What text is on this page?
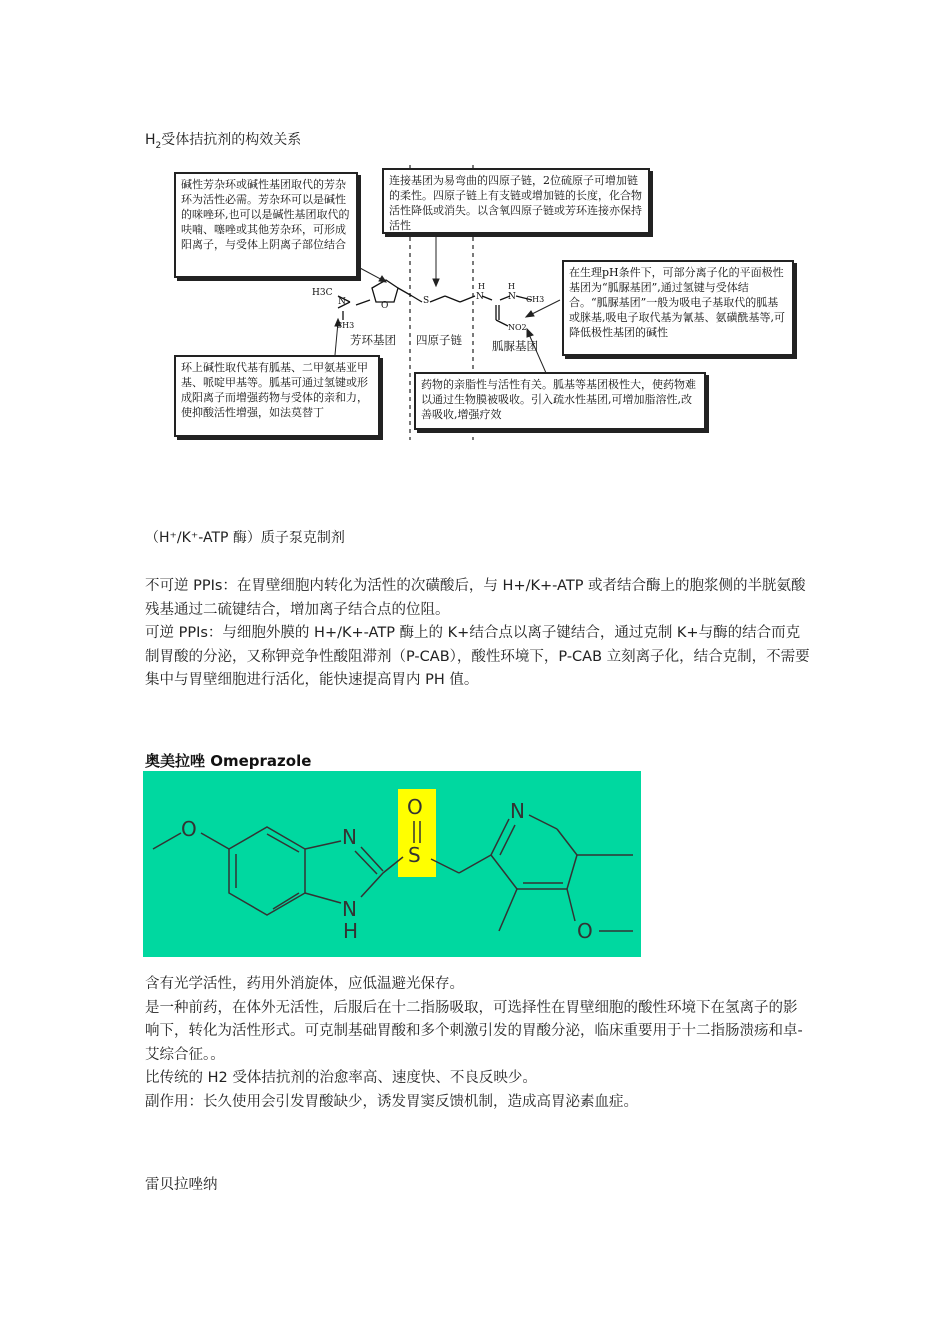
$H_2$受体拮抗剂的构效关系
H3C
N
CH3
O	S
H
N
H
N CH3
NO2
芳环基团 四原子链	胍脲基团
碱性芳杂环或碱性基团取代的芳杂环为活性必需。芳杂环可以是碱性的咪唑环,也可以是碱性基团取代的呋喃、噻唑或其他芳杂环，可形成阳离子，与受体上阴离子部位结合
连接基团为易弯曲的四原子链，2位硫原子可增加链的柔性。四原子链上有支链或增加链的长度，化合物活性降低或消失。以含氧四原子链或芳环连接亦保持活性
在生理pH条件下，可部分离子化的平面极性基团为“胍脲基团”,通过氢键与受体结合。“胍脲基团”一般为吸电子基取代的胍基或脒基,吸电子取代基为氰基、氨磺酰基等,可降低极性基团的碱性
环上碱性取代基有胍基、二甲氨基亚甲基、哌啶甲基等。胍基可通过氢键或形成阳离子而增强药物与受体的亲和力，使抑酸活性增强，如法莫替丁
药物的亲脂性与活性有关。胍基等基团极性大，使药物难以通过生物膜被吸收。引入疏水性基团,可增加脂溶性,改善吸收,增强疗效
（H⁺/K⁺-ATP 酶）质子泵克制剂

不可逆 PPIs：在胃壁细胞内转化为活性的次磺酸后，与 H+/K+-ATP 或者结合酶上的胞浆侧的半胱氨酸残基通过二硫键结合，增加离子结合点的位阻。

可逆 PPIs：与细胞外膜的 H+/K+-ATP 酶上的 K+结合点以离子键结合，通过克制 K+与酶的结合而克制胃酸的分泌，又称钾竞争性酸阻滞剂（P-CAB），酸性环境下，P-CAB 立刻离子化，结合克制，不需要集中与胃壁细胞进行活化，能快速提高胃内 PH 值。

奥美拉唑 Omeprazole
O	N
N
H
O
S
N
O

含有光学活性，药用外消旋体，应低温避光保存。

是一种前药，在体外无活性，后服后在十二指肠吸取，可选择性在胃壁细胞的酸性环境下在氢离子的影响下，转化为活性形式。可克制基础胃酸和多个刺激引发的胃酸分泌，临床重要用于十二指肠溃疡和卓-艾综合征。。

比传统的 H2 受体拮抗剂的治愈率高、速度快、不良反映少。

副作用：长久使用会引发胃酸缺少，诱发胃窦反馈机制，造成高胃泌素血症。

雷贝拉唑纳
